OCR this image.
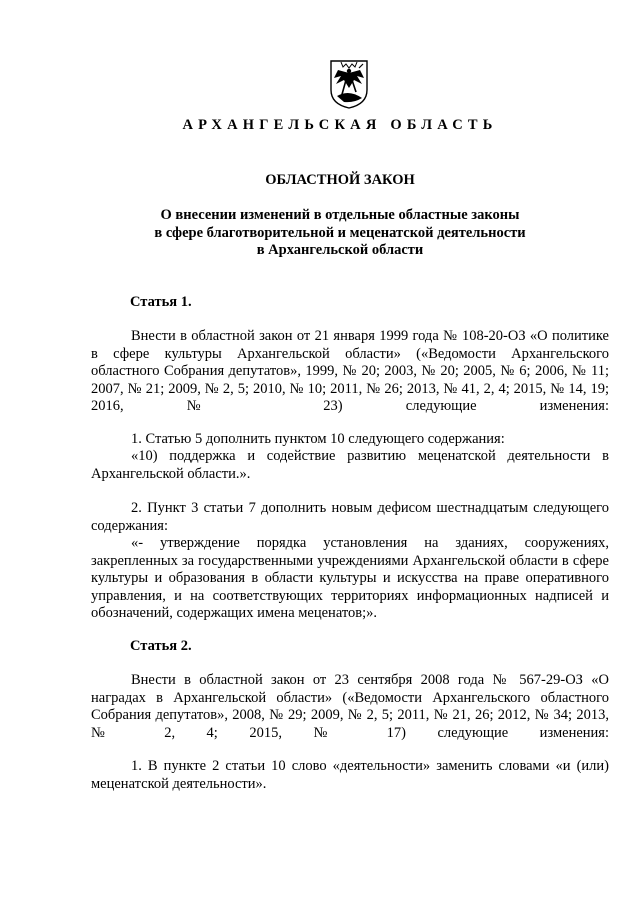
АРХАНГЕЛЬСКАЯ ОБЛАСТЬ
ОБЛАСТНОЙ ЗАКОН
О внесении изменений в отдельные областные законы
в сфере благотворительной и меценатской деятельности
в Архангельской области
Статья 1.
Внести в областной закон от 21 января 1999 года № 108-20-ОЗ «О политике в сфере культуры Архангельской области» («Ведомости Архангельского областного Собрания депутатов», 1999, № 20; 2003, № 20; 2005, № 6; 2006, № 11; 2007, № 21; 2009, № 2, 5; 2010, № 10; 2011, № 26; 2013, № 41, 2, 4; 2015, № 14, 19; 2016, № 23) следующие изменения:
1. Статью 5 дополнить пунктом 10 следующего содержания:
«10) поддержка и содействие развитию меценатской деятельности в Архангельской области.».
2. Пункт 3 статьи 7 дополнить новым дефисом шестнадцатым следующего содержания:
«- утверждение порядка установления на зданиях, сооружениях, закрепленных за государственными учреждениями Архангельской области в сфере культуры и образования в области культуры и искусства на праве оперативного управления, и на соответствующих территориях информационных надписей и обозначений, содержащих имена меценатов;».
Статья 2.
Внести в областной закон от 23 сентября 2008 года № 567-29-ОЗ «О наградах в Архангельской области» («Ведомости Архангельского областного Собрания депутатов», 2008, № 29; 2009, № 2, 5; 2011, № 21, 26; 2012, № 34; 2013, № 2, 4; 2015, № 17) следующие изменения:
1. В пункте 2 статьи 10 слово «деятельности» заменить словами «и (или) меценатской деятельности».
